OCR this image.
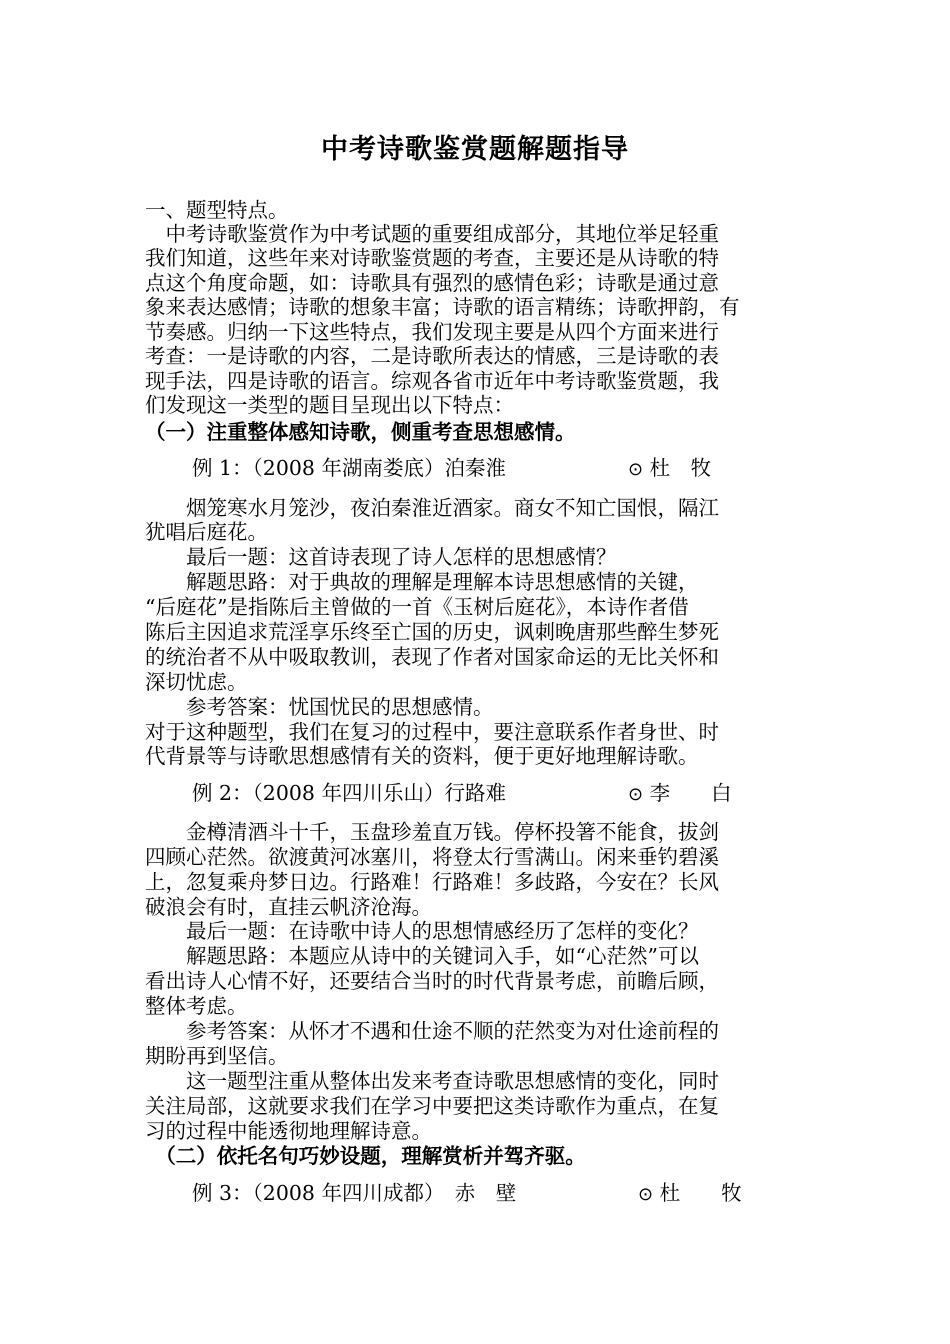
中考诗歌鉴赏题解题指导
一、题型特点。
　中考诗歌鉴赏作为中考试题的重要组成部分，其地位举足轻重
我们知道，这些年来对诗歌鉴赏题的考查，主要还是从诗歌的特
点这个角度命题，如：诗歌具有强烈的感情色彩；诗歌是通过意
象来表达感情；诗歌的想象丰富；诗歌的语言精练；诗歌押韵，有
节奏感。归纳一下这些特点，我们发现主要是从四个方面来进行
考查：一是诗歌的内容，二是诗歌所表达的情感，三是诗歌的表
现手法，四是诗歌的语言。综观各省市近年中考诗歌鉴赏题，我
们发现这一类型的题目呈现出以下特点：
（一）注重整体感知诗歌，侧重考查思想感情。
例 1：（2008 年湖南娄底）泊秦淮	⊙ 杜　牧
　　烟笼寒水月笼沙，夜泊秦淮近酒家。商女不知亡国恨，隔江
犹唱后庭花。
　　最后一题：这首诗表现了诗人怎样的思想感情？
　　解题思路：对于典故的理解是理解本诗思想感情的关键，
“后庭花”是指陈后主曾做的一首《玉树后庭花》，本诗作者借
陈后主因追求荒淫享乐终至亡国的历史，讽刺晚唐那些醉生梦死
的统治者不从中吸取教训，表现了作者对国家命运的无比关怀和
深切忧虑。
　　参考答案：忧国忧民的思想感情。
对于这种题型，我们在复习的过程中，要注意联系作者身世、时
代背景等与诗歌思想感情有关的资料，便于更好地理解诗歌。
例 2：（2008 年四川乐山）行路难	⊙ 李　　白
　　金樽清酒斗十千，玉盘珍羞直万钱。停杯投箸不能食，拔剑
四顾心茫然。欲渡黄河冰塞川，将登太行雪满山。闲来垂钓碧溪
上，忽复乘舟梦日边。行路难！行路难！多歧路，今安在？长风
破浪会有时，直挂云帆济沧海。
　　最后一题：在诗歌中诗人的思想情感经历了怎样的变化？
　　解题思路：本题应从诗中的关键词入手，如“心茫然”可以
看出诗人心情不好，还要结合当时的时代背景考虑，前瞻后顾，
整体考虑。
　　参考答案：从怀才不遇和仕途不顺的茫然变为对仕途前程的
期盼再到坚信。
　　这一题型注重从整体出发来考查诗歌思想感情的变化，同时
关注局部，这就要求我们在学习中要把这类诗歌作为重点，在复
习的过程中能透彻地理解诗意。
　（二）依托名句巧妙设题，理解赏析并驾齐驱。
例 3：（2008 年四川成都）　赤　壁	⊙ 杜　　牧
